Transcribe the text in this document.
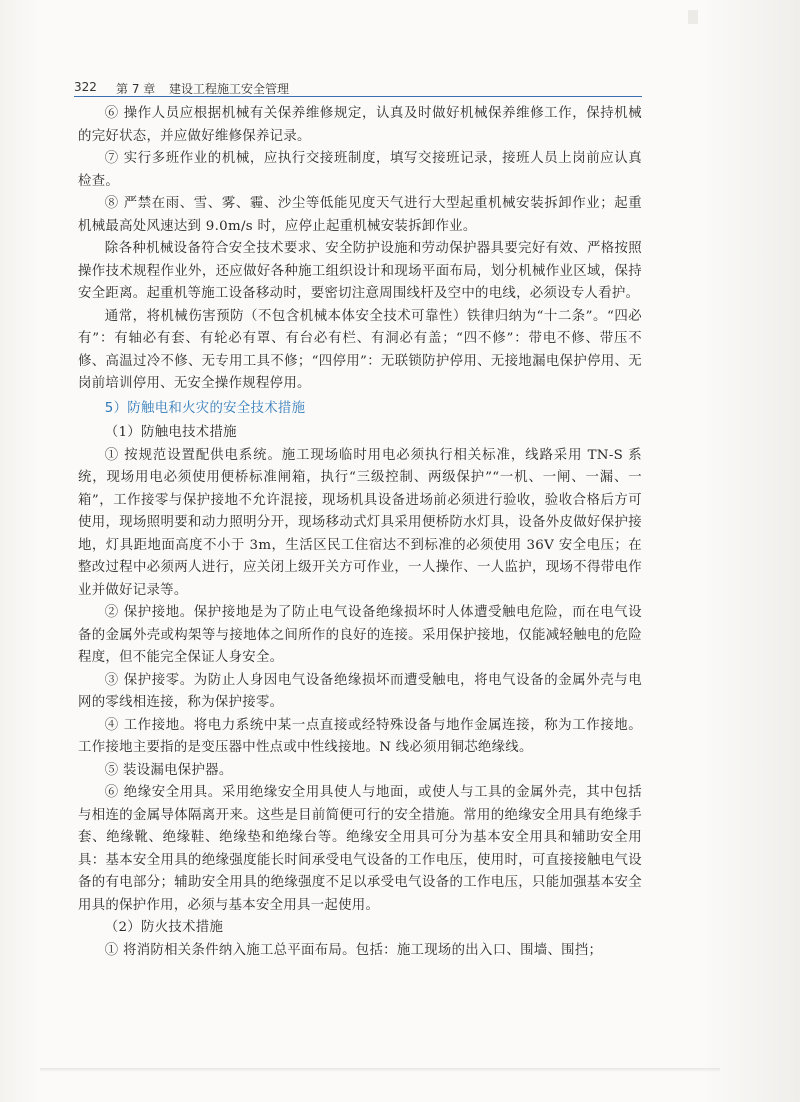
322 第 7 章 建设工程施工安全管理

⑥ 操作人员应根据机械有关保养维修规定，认真及时做好机械保养维修工作，保持机械的完好状态，并应做好维修保养记录。

⑦ 实行多班作业的机械，应执行交接班制度，填写交接班记录，接班人员上岗前应认真检查。

⑧ 严禁在雨、雪、雾、霾、沙尘等低能见度天气进行大型起重机械安装拆卸作业；起重机械最高处风速达到 9.0m/s 时，应停止起重机械安装拆卸作业。

除各种机械设备符合安全技术要求、安全防护设施和劳动保护器具要完好有效、严格按照操作技术规程作业外，还应做好各种施工组织设计和现场平面布局，划分机械作业区域，保持安全距离。起重机等施工设备移动时，要密切注意周围线杆及空中的电线，必须设专人看护。

通常，将机械伤害预防（不包含机械本体安全技术可靠性）铁律归纳为“十二条”。“四必有”：有轴必有套、有轮必有罩、有台必有栏、有洞必有盖；“四不修”：带电不修、带压不修、高温过冷不修、无专用工具不修；“四停用”：无联锁防护停用、无接地漏电保护停用、无岗前培训停用、无安全操作规程停用。

5）防触电和火灾的安全技术措施

（1）防触电技术措施

① 按规范设置配供电系统。施工现场临时用电必须执行相关标准，线路采用 TN-S 系统，现场用电必须使用便桥标准闸箱，执行“三级控制、两级保护”“一机、一闸、一漏、一箱”，工作接零与保护接地不允许混接，现场机具设备进场前必须进行验收，验收合格后方可使用，现场照明要和动力照明分开，现场移动式灯具采用便桥防水灯具，设备外皮做好保护接地，灯具距地面高度不小于 3m，生活区民工住宿达不到标准的必须使用 36V 安全电压；在整改过程中必须两人进行，应关闭上级开关方可作业，一人操作、一人监护，现场不得带电作业并做好记录等。

② 保护接地。保护接地是为了防止电气设备绝缘损坏时人体遭受触电危险，而在电气设备的金属外壳或构架等与接地体之间所作的良好的连接。采用保护接地，仅能减轻触电的危险程度，但不能完全保证人身安全。

③ 保护接零。为防止人身因电气设备绝缘损坏而遭受触电，将电气设备的金属外壳与电网的零线相连接，称为保护接零。

④ 工作接地。将电力系统中某一点直接或经特殊设备与地作金属连接，称为工作接地。工作接地主要指的是变压器中性点或中性线接地。N 线必须用铜芯绝缘线。

⑤ 装设漏电保护器。

⑥ 绝缘安全用具。采用绝缘安全用具使人与地面，或使人与工具的金属外壳，其中包括与相连的金属导体隔离开来。这些是目前简便可行的安全措施。常用的绝缘安全用具有绝缘手套、绝缘靴、绝缘鞋、绝缘垫和绝缘台等。绝缘安全用具可分为基本安全用具和辅助安全用具：基本安全用具的绝缘强度能长时间承受电气设备的工作电压，使用时，可直接接触电气设备的有电部分；辅助安全用具的绝缘强度不足以承受电气设备的工作电压，只能加强基本安全用具的保护作用，必须与基本安全用具一起使用。

（2）防火技术措施

① 将消防相关条件纳入施工总平面布局。包括：施工现场的出入口、围墙、围挡；
